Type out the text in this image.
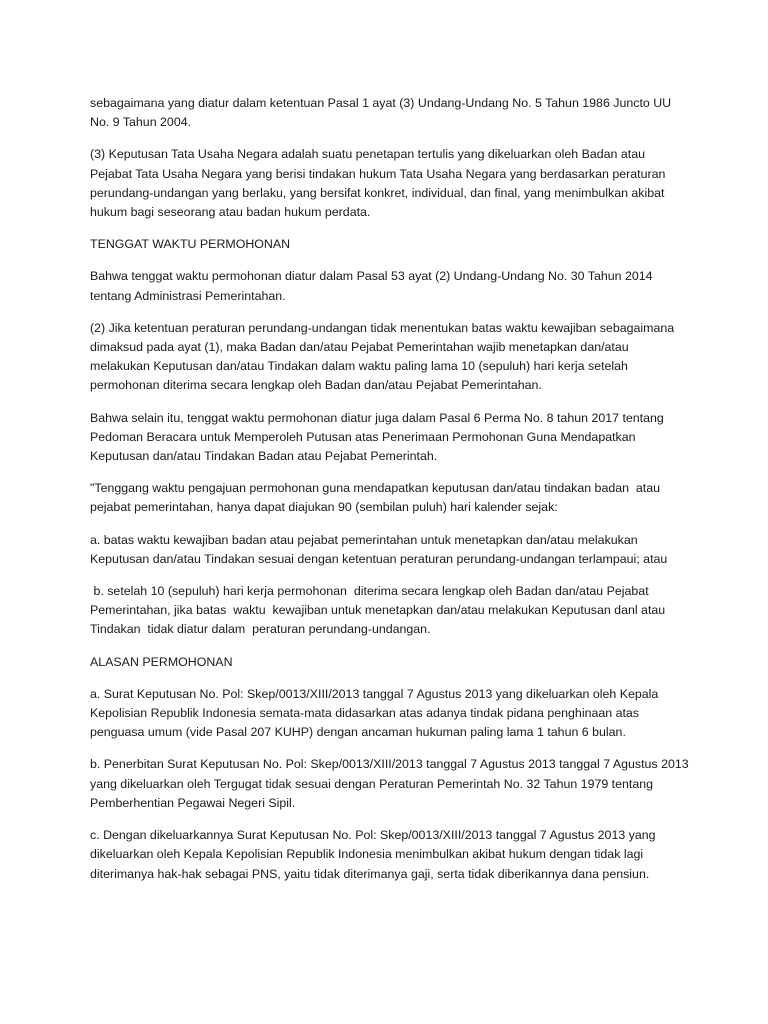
sebagaimana yang diatur dalam ketentuan Pasal 1 ayat (3) Undang-Undang No. 5 Tahun 1986 Juncto UU No. 9 Tahun 2004.

(3) Keputusan Tata Usaha Negara adalah suatu penetapan tertulis yang dikeluarkan oleh Badan atau Pejabat Tata Usaha Negara yang berisi tindakan hukum Tata Usaha Negara yang berdasarkan peraturan perundang-undangan yang berlaku, yang bersifat konkret, individual, dan final, yang menimbulkan akibat hukum bagi seseorang atau badan hukum perdata.

TENGGAT WAKTU PERMOHONAN

Bahwa tenggat waktu permohonan diatur dalam Pasal 53 ayat (2) Undang-Undang No. 30 Tahun 2014 tentang Administrasi Pemerintahan.

(2) Jika ketentuan peraturan perundang-undangan tidak menentukan batas waktu kewajiban sebagaimana dimaksud pada ayat (1), maka Badan dan/atau Pejabat Pemerintahan wajib menetapkan dan/atau melakukan Keputusan dan/atau Tindakan dalam waktu paling lama 10 (sepuluh) hari kerja setelah permohonan diterima secara lengkap oleh Badan dan/atau Pejabat Pemerintahan.

Bahwa selain itu, tenggat waktu permohonan diatur juga dalam Pasal 6 Perma No. 8 tahun 2017 tentang Pedoman Beracara untuk Memperoleh Putusan atas Penerimaan Permohonan Guna Mendapatkan Keputusan dan/atau Tindakan Badan atau Pejabat Pemerintah.

"Tenggang waktu pengajuan permohonan guna mendapatkan keputusan dan/atau tindakan badan  atau pejabat pemerintahan, hanya dapat diajukan 90 (sembilan puluh) hari kalender sejak:

a. batas waktu kewajiban badan atau pejabat pemerintahan untuk menetapkan dan/atau melakukan Keputusan dan/atau Tindakan sesuai dengan ketentuan peraturan perundang-undangan terlampaui; atau

b. setelah 10 (sepuluh) hari kerja permohonan  diterima secara lengkap oleh Badan dan/atau Pejabat Pemerintahan, jika batas  waktu  kewajiban untuk menetapkan dan/atau melakukan Keputusan danl atau Tindakan  tidak diatur dalam  peraturan perundang-undangan.

ALASAN PERMOHONAN

a. Surat Keputusan No. Pol: Skep/0013/XIII/2013 tanggal 7 Agustus 2013 yang dikeluarkan oleh Kepala Kepolisian Republik Indonesia semata-mata didasarkan atas adanya tindak pidana penghinaan atas penguasa umum (vide Pasal 207 KUHP) dengan ancaman hukuman paling lama 1 tahun 6 bulan.

b. Penerbitan Surat Keputusan No. Pol: Skep/0013/XIII/2013 tanggal 7 Agustus 2013 tanggal 7 Agustus 2013 yang dikeluarkan oleh Tergugat tidak sesuai dengan Peraturan Pemerintah No. 32 Tahun 1979 tentang Pemberhentian Pegawai Negeri Sipil.

c. Dengan dikeluarkannya Surat Keputusan No. Pol: Skep/0013/XIII/2013 tanggal 7 Agustus 2013 yang dikeluarkan oleh Kepala Kepolisian Republik Indonesia menimbulkan akibat hukum dengan tidak lagi diterimanya hak-hak sebagai PNS, yaitu tidak diterimanya gaji, serta tidak diberikannya dana pensiun.
